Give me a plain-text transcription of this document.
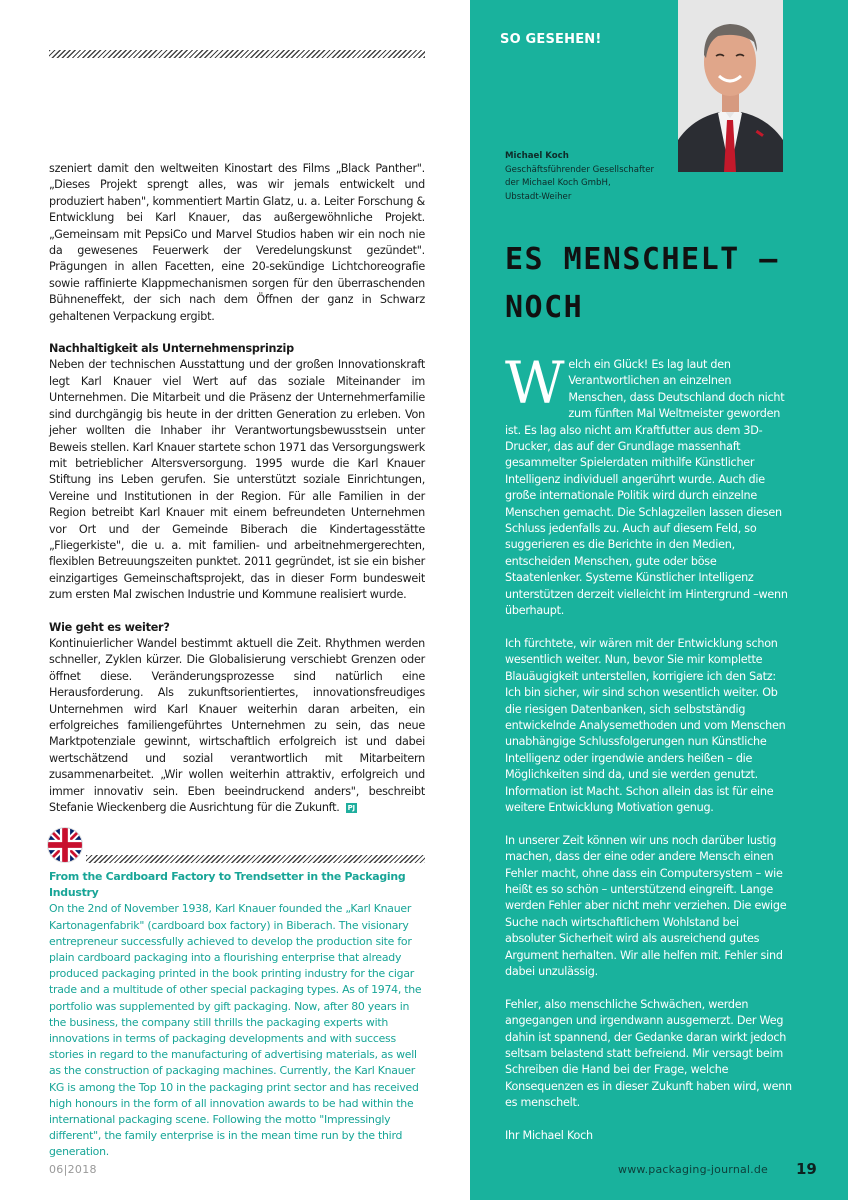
szeniert damit den weltweiten Kinostart des Films „Black Panther". „Dieses Projekt sprengt alles, was wir jemals entwickelt und produziert haben", kommentiert Martin Glatz, u. a. Leiter Forschung & Entwicklung bei Karl Knauer, das außergewöhnliche Projekt. „Gemeinsam mit PepsiCo und Marvel Studios haben wir ein noch nie da gewesenes Feuerwerk der Veredelungskunst gezündet". Prägungen in allen Facetten, eine 20-sekündige Lichtchoreografie sowie raffinierte Klappmechanismen sorgen für den überraschenden Bühneneffekt, der sich nach dem Öffnen der ganz in Schwarz gehaltenen Verpackung ergibt.

Nachhaltigkeit als Unternehmensprinzip

Neben der technischen Ausstattung und der großen Innovationskraft legt Karl Knauer viel Wert auf das soziale Miteinander im Unternehmen. Die Mitarbeit und die Präsenz der Unternehmerfamilie sind durchgängig bis heute in der dritten Generation zu erleben. Von jeher wollten die Inhaber ihr Verantwortungsbewusstsein unter Beweis stellen. Karl Knauer startete schon 1971 das Versorgungswerk mit betrieblicher Altersversorgung. 1995 wurde die Karl Knauer Stiftung ins Leben gerufen. Sie unterstützt soziale Einrichtungen, Vereine und Institutionen in der Region. Für alle Familien in der Region betreibt Karl Knauer mit einem befreundeten Unternehmen vor Ort und der Gemeinde Biberach die Kindertagesstätte „Fliegerkiste", die u. a. mit familien- und arbeitnehmergerechten, flexiblen Betreuungszeiten punktet. 2011 gegründet, ist sie ein bisher einzigartiges Gemeinschaftsprojekt, das in dieser Form bundesweit zum ersten Mal zwischen Industrie und Kommune realisiert wurde.

Wie geht es weiter?

Kontinuierlicher Wandel bestimmt aktuell die Zeit. Rhythmen werden schneller, Zyklen kürzer. Die Globalisierung verschiebt Grenzen oder öffnet diese. Veränderungsprozesse sind natürlich eine Herausforderung. Als zukunftsorientiertes, innovationsfreudiges Unternehmen wird Karl Knauer weiterhin daran arbeiten, ein erfolgreiches familiengeführtes Unternehmen zu sein, das neue Marktpotenziale gewinnt, wirtschaftlich erfolgreich ist und dabei wertschätzend und sozial verantwortlich mit Mitarbeitern zusammenarbeitet. „Wir wollen weiterhin attraktiv, erfolgreich und immer innovativ sein. Eben beeindruckend anders", beschreibt Stefanie Wieckenberg die Ausrichtung für die Zukunft. PJ

From the Cardboard Factory to Trendsetter in the Packaging Industry
On the 2nd of November 1938, Karl Knauer founded the „Karl Knauer Kartonagenfabrik" (cardboard box factory) in Biberach. The visionary entrepreneur successfully achieved to develop the production site for plain cardboard packaging into a flourishing enterprise that already produced packaging printed in the book printing industry for the cigar trade and a multitude of other special packaging types. As of 1974, the portfolio was supplemented by gift packaging. Now, after 80 years in the business, the company still thrills the packaging experts with innovations in terms of packaging developments and with success stories in regard to the manufacturing of advertising materials, as well as the construction of packaging machines. Currently, the Karl Knauer KG is among the Top 10 in the packaging print sector and has received high honours in the form of all innovation awards to be had within the international packaging scene. Following the motto "Impressingly different", the family enterprise is in the mean time run by the third generation.
06|2018
SO GESEHEN!
Michael Koch
Geschäftsführender Gesellschafter
der Michael Koch GmbH,
Ubstadt-Weiher
ES MENSCHELT –
NOCH

Welch ein Glück! Es lag laut den Verantwortlichen an einzelnen Menschen, dass Deutschland doch nicht zum fünften Mal Weltmeister geworden ist. Es lag also nicht am Kraftfutter aus dem 3D-Drucker, das auf der Grundlage massenhaft gesammelter Spielerdaten mithilfe Künstlicher Intelligenz individuell angerührt wurde. Auch die große internationale Politik wird durch einzelne Menschen gemacht. Die Schlagzeilen lassen diesen Schluss jedenfalls zu. Auch auf diesem Feld, so suggerieren es die Berichte in den Medien, entscheiden Menschen, gute oder böse Staatenlenker. Systeme Künstlicher Intelligenz unterstützen derzeit vielleicht im Hintergrund –wenn überhaupt.

Ich fürchtete, wir wären mit der Entwicklung schon wesentlich weiter. Nun, bevor Sie mir komplette Blauäugigkeit unterstellen, korrigiere ich den Satz: Ich bin sicher, wir sind schon wesentlich weiter. Ob die riesigen Datenbanken, sich selbstständig entwickelnde Analysemethoden und vom Menschen unabhängige Schlussfolgerungen nun Künstliche Intelligenz oder irgendwie anders heißen – die Möglichkeiten sind da, und sie werden genutzt. Information ist Macht. Schon allein das ist für eine weitere Entwicklung Motivation genug.

In unserer Zeit können wir uns noch darüber lustig machen, dass der eine oder andere Mensch einen Fehler macht, ohne dass ein Computersystem – wie heißt es so schön – unterstützend eingreift. Lange werden Fehler aber nicht mehr verziehen. Die ewige Suche nach wirtschaftlichem Wohlstand bei absoluter Sicherheit wird als ausreichend gutes Argument herhalten. Wir alle helfen mit. Fehler sind dabei unzulässig.

Fehler, also menschliche Schwächen, werden angegangen und irgendwann ausgemerzt. Der Weg dahin ist spannend, der Gedanke daran wirkt jedoch seltsam belastend statt befreiend. Mir versagt beim Schreiben die Hand bei der Frage, welche Konsequenzen es in dieser Zukunft haben wird, wenn es menschelt.

Ihr Michael Koch

www.packaging-journal.de 19
